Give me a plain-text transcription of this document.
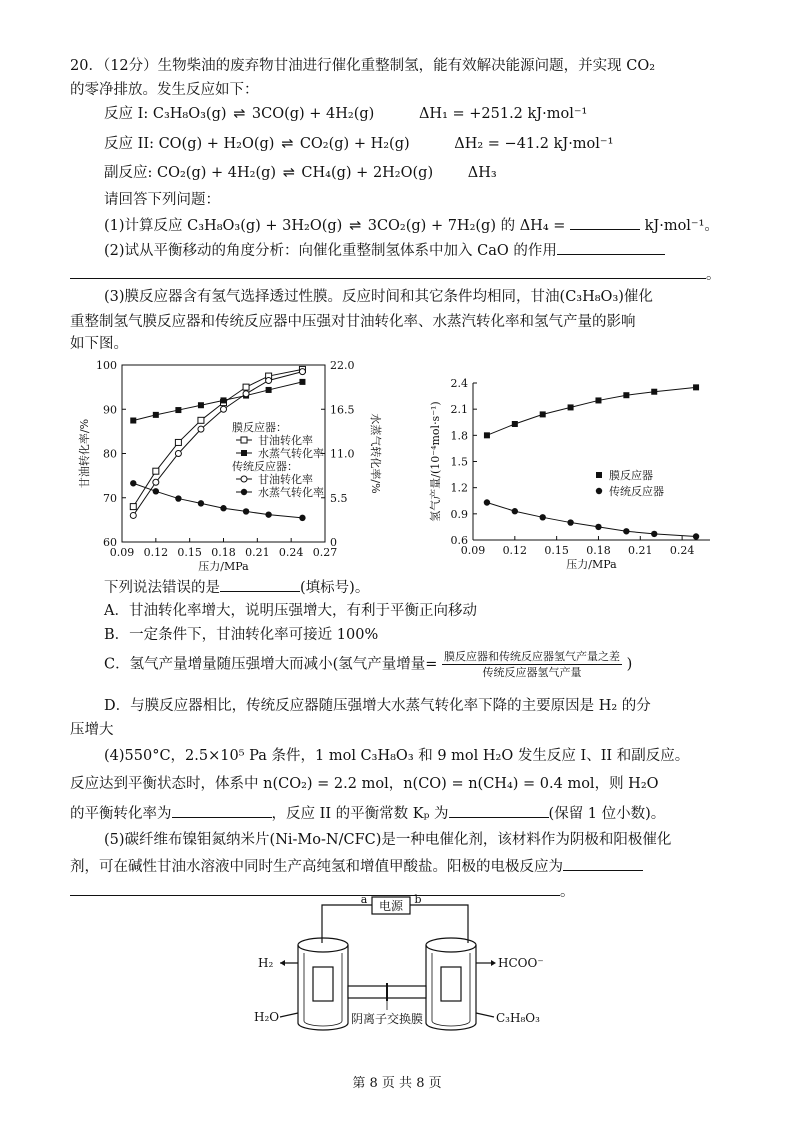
20．（12分）生物柴油的废弃物甘油进行催化重整制氢，能有效解决能源问题，并实现 CO₂
的零净排放。发生反应如下：
反应 I: C₃H₈O₃(g) ⇌ 3CO(g) + 4H₂(g)	ΔH₁ = +251.2 kJ·mol⁻¹
反应 II: CO(g) + H₂O(g) ⇌ CO₂(g) + H₂(g)	ΔH₂ = −41.2 kJ·mol⁻¹
副反应: CO₂(g) + 4H₂(g) ⇌ CH₄(g) + 2H₂O(g) ΔH₃
请回答下列问题：
(1)计算反应 C₃H₈O₃(g) + 3H₂O(g) ⇌ 3CO₂(g) + 7H₂(g) 的 ΔH₄ =	kJ·mol⁻¹。
(2)试从平衡移动的角度分析：向催化重整制氢体系中加入 CaO 的作用
。
(3)膜反应器含有氢气选择透过性膜。反应时间和其它条件均相同，甘油(C₃H₈O₃)催化
重整制氢气膜反应器和传统反应器中压强对甘油转化率、水蒸汽转化率和氢气产量的影响
如下图。
0.09 0.12 0.15 0.18 0.21 0.24 0.27
60
70
80
90
100
0
5.5
11.0
16.5
22.0
压力/MPa
甘油转化率/%	水蒸气转化率/%
膜反应器：
甘油转化率
水蒸气转化率
传统反应器：
甘油转化率
水蒸气转化率
0.09 0.12 0.15 0.18 0.21 0.24
0.6
0.9
1.2
1.5
1.8
2.1
2.4
压力/MPa
氢气产量/(10⁻⁴mol·s⁻¹)	膜反应器
传统反应器
下列说法错误的是	(填标号)。
A．甘油转化率增大，说明压强增大，有利于平衡正向移动
B．一定条件下，甘油转化率可接近 100%
C．氢气产量增量随压强增大而减小(氢气产量增量= $\frac{\text{膜反应器和传统反应器氢气产量之差}}{\text{传统反应器氢气产量}}$ )
D．与膜反应器相比，传统反应器随压强增大水蒸气转化率下降的主要原因是 H₂ 的分
压增大
(4)550°C，2.5×10⁵ Pa 条件，1 mol C₃H₈O₃ 和 9 mol H₂O 发生反应 I、II 和副反应。
反应达到平衡状态时，体系中 n(CO₂) = 2.2 mol，n(CO) = n(CH₄) = 0.4 mol，则 H₂O
的平衡转化率为	，反应 II 的平衡常数 Kₚ 为	(保留 1 位小数)。
(5)碳纤维布镍钼氮纳米片(Ni-Mo-N/CFC)是一种电催化剂，该材料作为阴极和阳极催化
剂，可在碱性甘油水溶液中同时生产高纯氢和增值甲酸盐。阳极的电极反应为
。
电源
a	b
阴离子交换膜
H₂
H₂O
HCOO⁻
C₃H₈O₃
第 8 页 共 8 页
